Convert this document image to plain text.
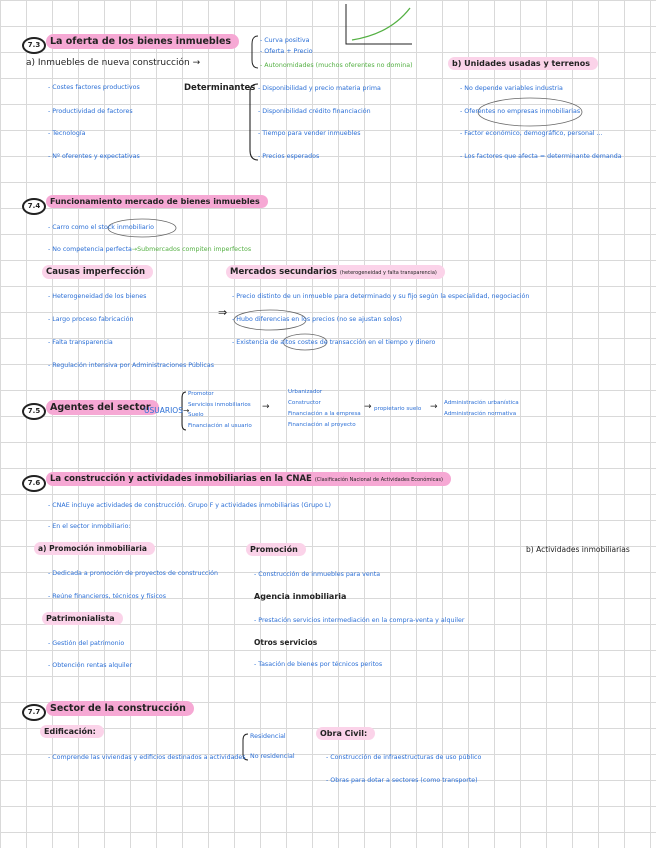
7.3	La oferta de los bienes inmuebles
a) Inmuebles de nueva construcción →
- Curva positiva
- Oferta + Precio
- Autonomidades (muchos oferentes no domina)
- Costes factores productivos
- Productividad de factores
- Tecnología
- Nº oferentes y expectativas
Determinantes - Disponibilidad y precio materia prima
- Disponibilidad crédito financiación
- Tiempo para vender inmuebles
- Precios esperados
b) Unidades usadas y terrenos
- No depende variables industria
- Oferentes no empresas inmobiliarias
- Factor económico, demográfico, personal ...
- Los factores que afecta = determinante demanda
7.4	Funcionamiento mercado de bienes inmuebles
- Carro como el stock inmobiliario
- No competencia perfecta→Submercados compiten imperfectos
Causas imperfección
- Heterogeneidad de los bienes
- Largo proceso fabricación
- Falta transparencia
- Regulación intensiva por Administraciones Públicas
⇒
Mercados secundarios (heterogeneidad y falta transparencia)
- Precio distinto de un inmueble para determinado y su fijo según la especialidad, negociación
- Hubo diferencias en los precios (no se ajustan solos)
- Existencia de altos costes de transacción en el tiempo y dinero
7.5	Agentes del sector
USUARIOS→
Promotor
Servicios inmobiliarios
Suelo
Financiación al usuario
→
Urbanizador
Constructor
Financiación a la empresa
Financiación al proyecto
→ propietario suelo → Administración urbanística
Administración normativa
7.6	La construcción y actividades inmobiliarias en la CNAE (Clasificación Nacional de Actividades Económicas)
- CNAE incluye actividades de construcción. Grupo F y actividades inmobiliarias (Grupo L)
- En el sector inmobiliario:
a) Promoción inmobiliaria
- Dedicada a promoción de proyectos de construcción
- Reúne financieros, técnicos y físicos
Patrimonialista
- Gestión del patrimonio
- Obtención rentas alquiler
b) Actividades inmobiliarias
Promoción
- Construcción de inmuebles para venta
Agencia inmobiliaria
- Prestación servicios intermediación en la compra-venta y alquiler
Otros servicios
- Tasación de bienes por técnicos peritos
7.7	Sector de la construcción
Edificación:
- Comprende las viviendas y edificios destinados a actividades
Residencial
No residencial
Obra Civil:
- Construcción de infraestructuras de uso público
- Obras para dotar a sectores (como transporte)
